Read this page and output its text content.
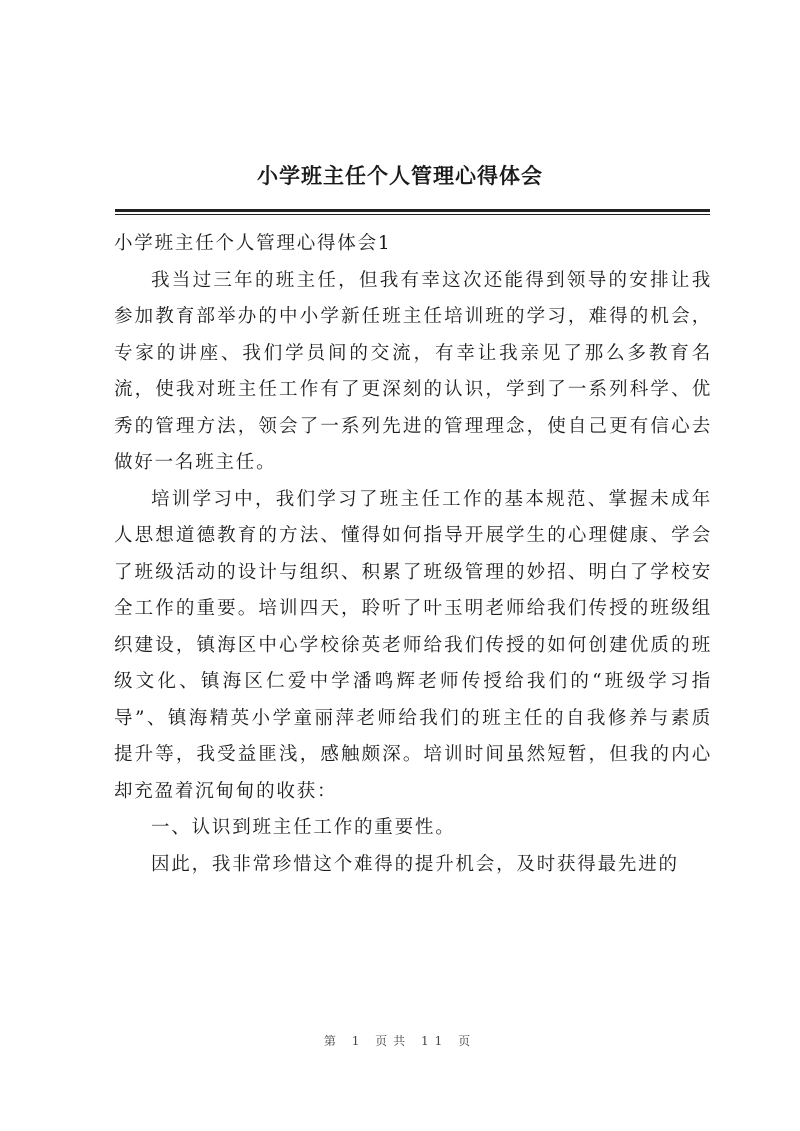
小学班主任个人管理心得体会

小学班主任个人管理心得体会1

我当过三年的班主任，但我有幸这次还能得到领导的安排让我参加教育部举办的中小学新任班主任培训班的学习，难得的机会，专家的讲座、我们学员间的交流，有幸让我亲见了那么多教育名流，使我对班主任工作有了更深刻的认识，学到了一系列科学、优秀的管理方法，领会了一系列先进的管理理念，使自己更有信心去做好一名班主任。

培训学习中，我们学习了班主任工作的基本规范、掌握未成年人思想道德教育的方法、懂得如何指导开展学生的心理健康、学会了班级活动的设计与组织、积累了班级管理的妙招、明白了学校安全工作的重要。培训四天，聆听了叶玉明老师给我们传授的班级组织建设，镇海区中心学校徐英老师给我们传授的如何创建优质的班级文化、镇海区仁爱中学潘鸣辉老师传授给我们的“班级学习指导”、镇海精英小学童丽萍老师给我们的班主任的自我修养与素质提升等，我受益匪浅，感触颇深。培训时间虽然短暂，但我的内心却充盈着沉甸甸的收获：

一、认识到班主任工作的重要性。

因此，我非常珍惜这个难得的提升机会，及时获得最先进的

第 1 页共 11 页
